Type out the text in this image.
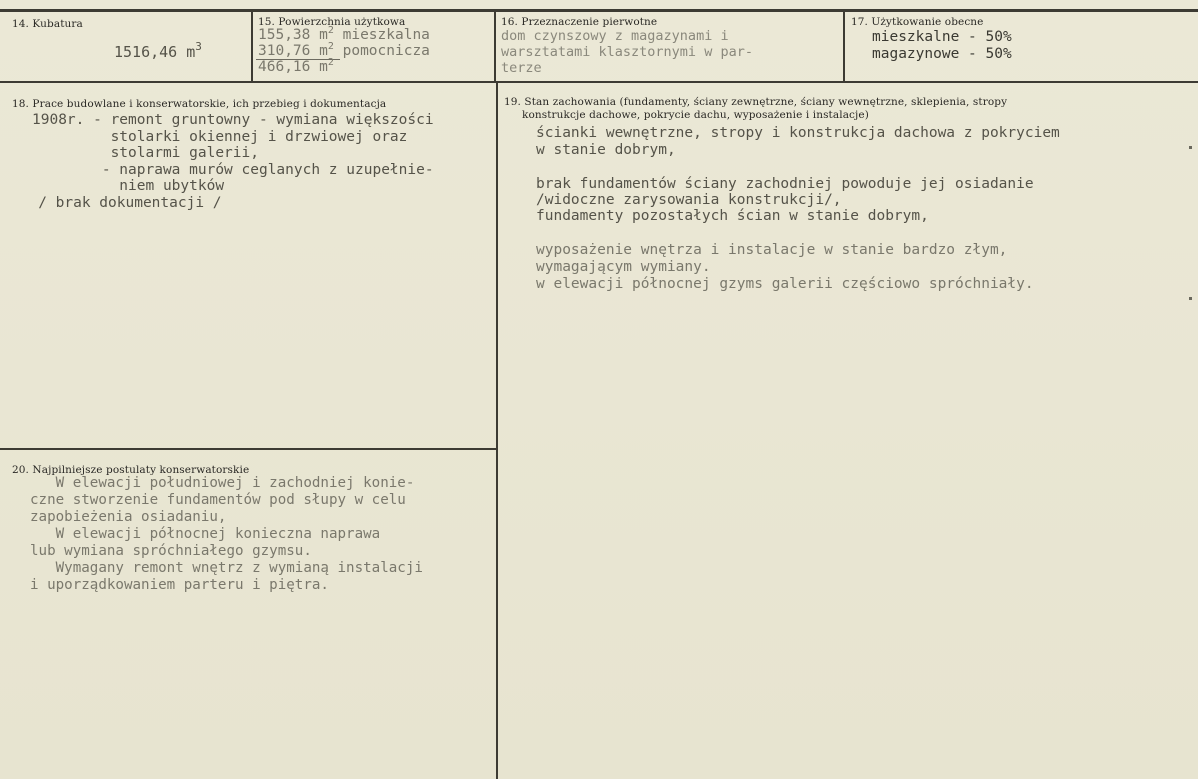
14. Kubatura
1516,46 $m^3$
15. Powierzchnia użytkowa
155,38 $m^2$ mieszkalna
310,76 $m^2$ pomocnicza
466,16 $m^2$
16. Przeznaczenie pierwotne
dom czynszowy z magazynami i
warsztatami klasztornymi w par-
terze
17. Użytkowanie obecne
mieszkalne - 50%
magazynowe - 50%
18. Prace budowlane i konserwatorskie, ich przebieg i dokumentacja
1908r. - remont gruntowny - wymiana większości
stolarki okiennej i drzwiowej oraz
stolarmi galerii,
- naprawa murów ceglanych z uzupełnie-
niem ubytków
/ brak dokumentacji /
19. Stan zachowania (fundamenty, ściany zewnętrzne, ściany wewnętrzne, sklepienia, stropy
konstrukcje dachowe, pokrycie dachu, wyposażenie i instalacje)
ścianki wewnętrzne, stropy i konstrukcja dachowa z pokryciem
w stanie dobrym,
brak fundamentów ściany zachodniej powoduje jej osiadanie
/widoczne zarysowania konstrukcji/,
fundamenty pozostałych ścian w stanie dobrym,
wyposażenie wnętrza i instalacje w stanie bardzo złym,
wymagającym wymiany.
w elewacji północnej gzyms galerii częściowo spróchniały.
20. Najpilniejsze postulaty konserwatorskie
W elewacji południowej i zachodniej konie-
czne stworzenie fundamentów pod słupy w celu
zapobieżenia osiadaniu,
W elewacji północnej konieczna naprawa
lub wymiana spróchniałego gzymsu.
Wymagany remont wnętrz z wymianą instalacji
i uporządkowaniem parteru i piętra.
